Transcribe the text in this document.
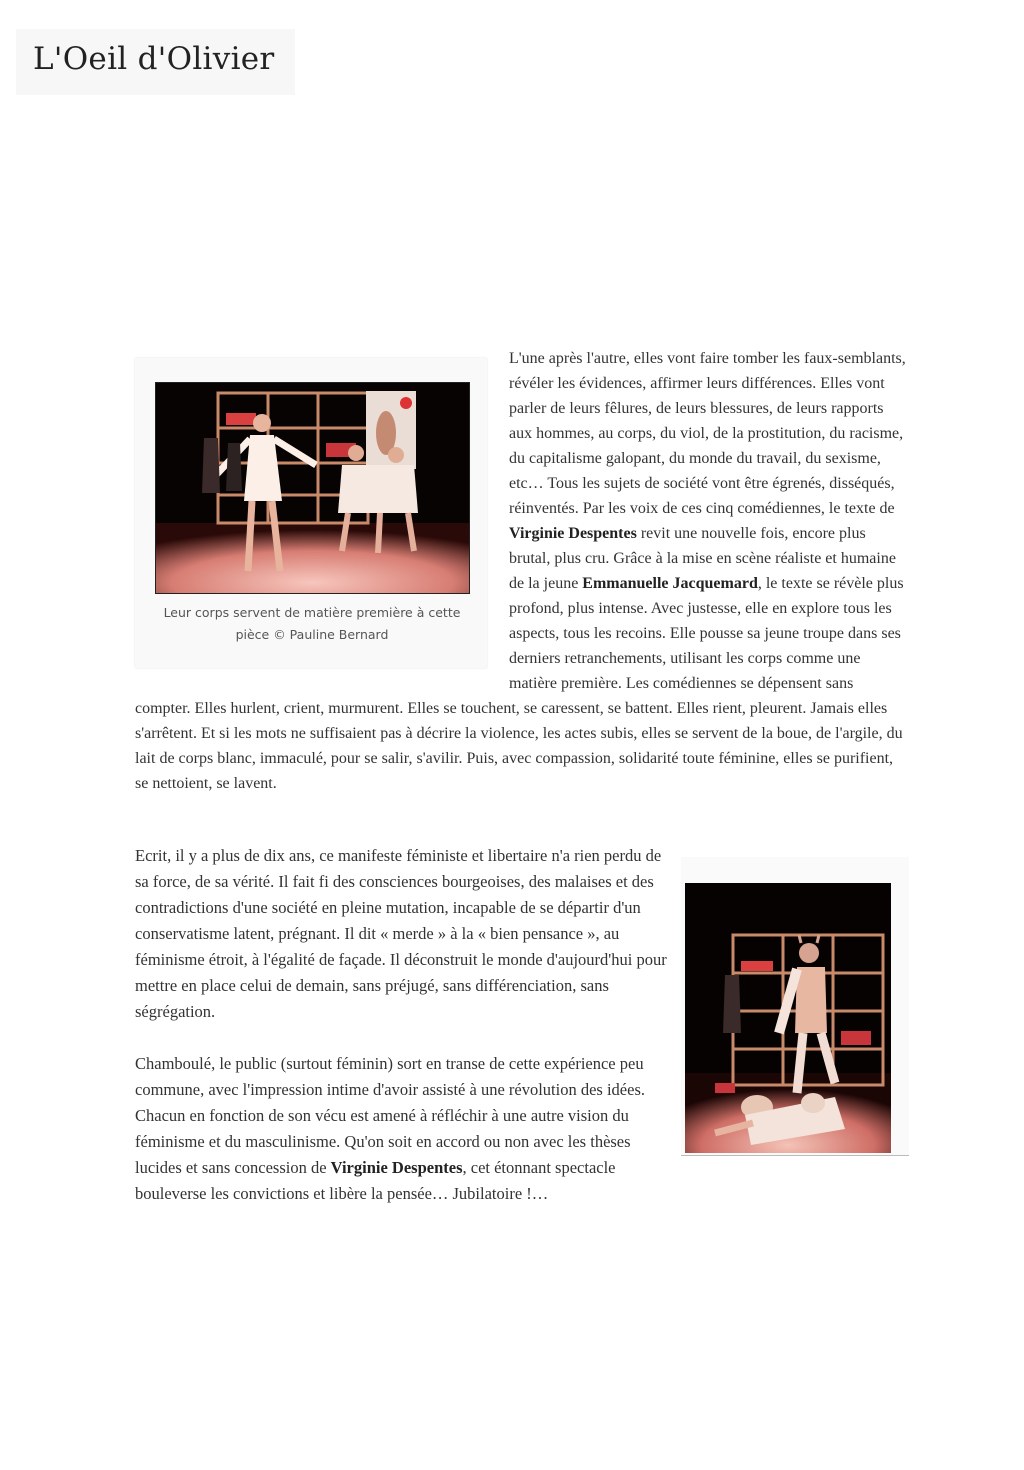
L'Oeil d'Olivier
Leur corps servent de matière première à cette pièce © Pauline Bernard

L'une après l'autre, elles vont faire tomber les faux-semblants, révéler les évidences, affirmer leurs différences. Elles vont parler de leurs fêlures, de leurs blessures, de leurs rapports aux hommes, au corps, du viol, de la prostitution, du racisme, du capitalisme galopant, du monde du travail, du sexisme, etc… Tous les sujets de société vont être égrenés, disséqués, réinventés. Par les voix de ces cinq comédiennes, le texte de Virginie Despentes revit une nouvelle fois, encore plus brutal, plus cru. Grâce à la mise en scène réaliste et humaine de la jeune Emmanuelle Jacquemard, le texte se révèle plus profond, plus intense. Avec justesse, elle en explore tous les aspects, tous les recoins. Elle pousse sa jeune troupe dans ses derniers retranchements, utilisant les corps comme une matière première. Les comédiennes se dépensent sans compter. Elles hurlent, crient, murmurent. Elles se touchent, se caressent, se battent. Elles rient, pleurent. Jamais elles s'arrêtent. Et si les mots ne suffisaient pas à décrire la violence, les actes subis, elles se servent de la boue, de l'argile, du lait de corps blanc, immaculé, pour se salir, s'avilir. Puis, avec compassion, solidarité toute féminine, elles se purifient, se nettoient, se lavent.

Ecrit, il y a plus de dix ans, ce manifeste féministe et libertaire n'a rien perdu de sa force, de sa vérité. Il fait fi des consciences bourgeoises, des malaises et des contradictions d'une société en pleine mutation, incapable de se départir d'un conservatisme latent, prégnant. Il dit « merde » à la « bien pensance », au féminisme étroit, à l'égalité de façade. Il déconstruit le monde d'aujourd'hui pour mettre en place celui de demain, sans préjugé, sans différenciation, sans ségrégation.

Chamboulé, le public (surtout féminin) sort en transe de cette expérience peu commune, avec l'impression intime d'avoir assisté à une révolution des idées. Chacun en fonction de son vécu est amené à réfléchir à une autre vision du féminisme et du masculinisme. Qu'on soit en accord ou non avec les thèses lucides et sans concession de Virginie Despentes, cet étonnant spectacle bouleverse les convictions et libère la pensée… Jubilatoire !…
